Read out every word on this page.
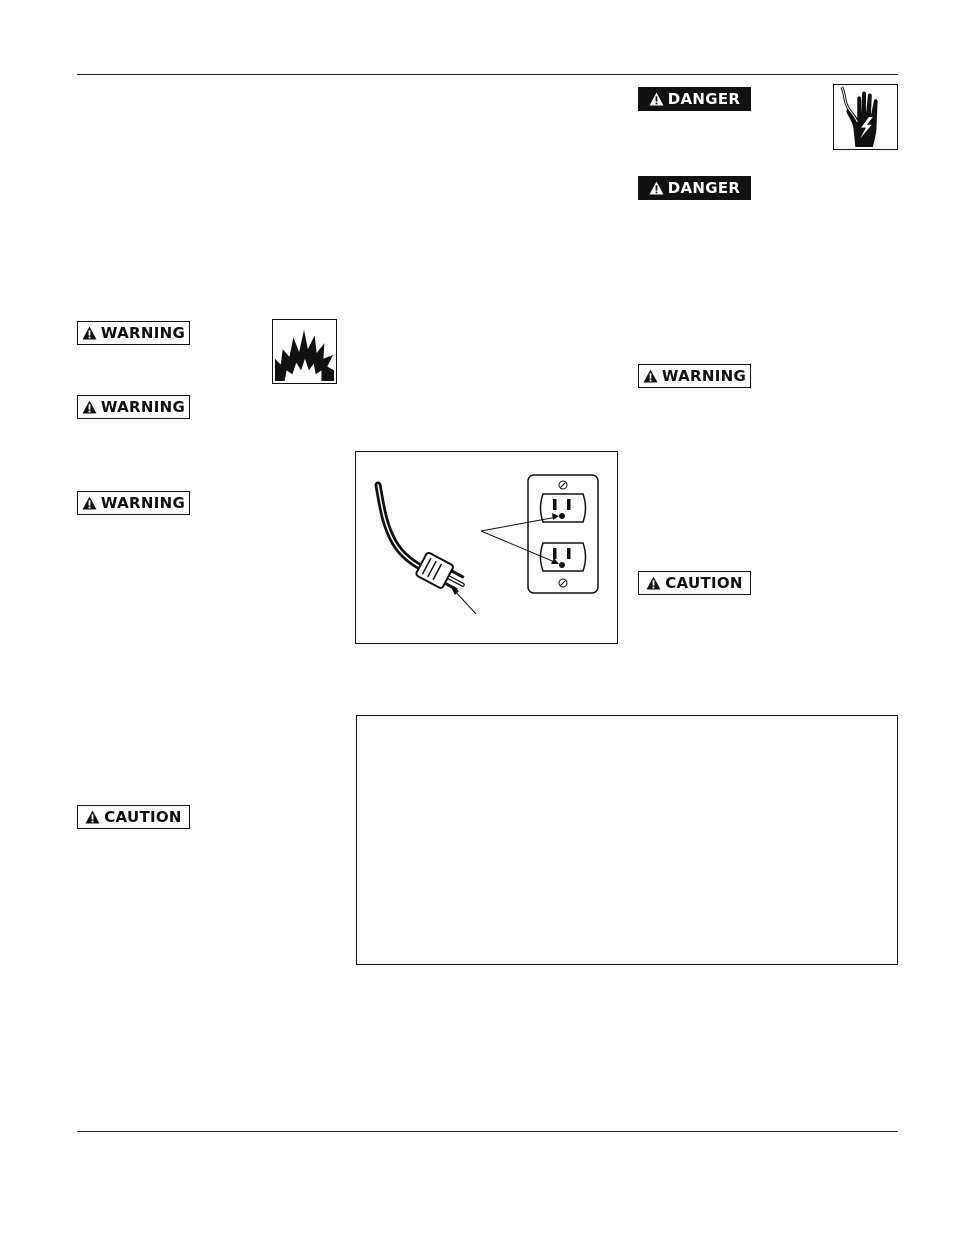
WARNING
WARNING
WARNING
CAUTION
DANGER
DANGER
WARNING
CAUTION
